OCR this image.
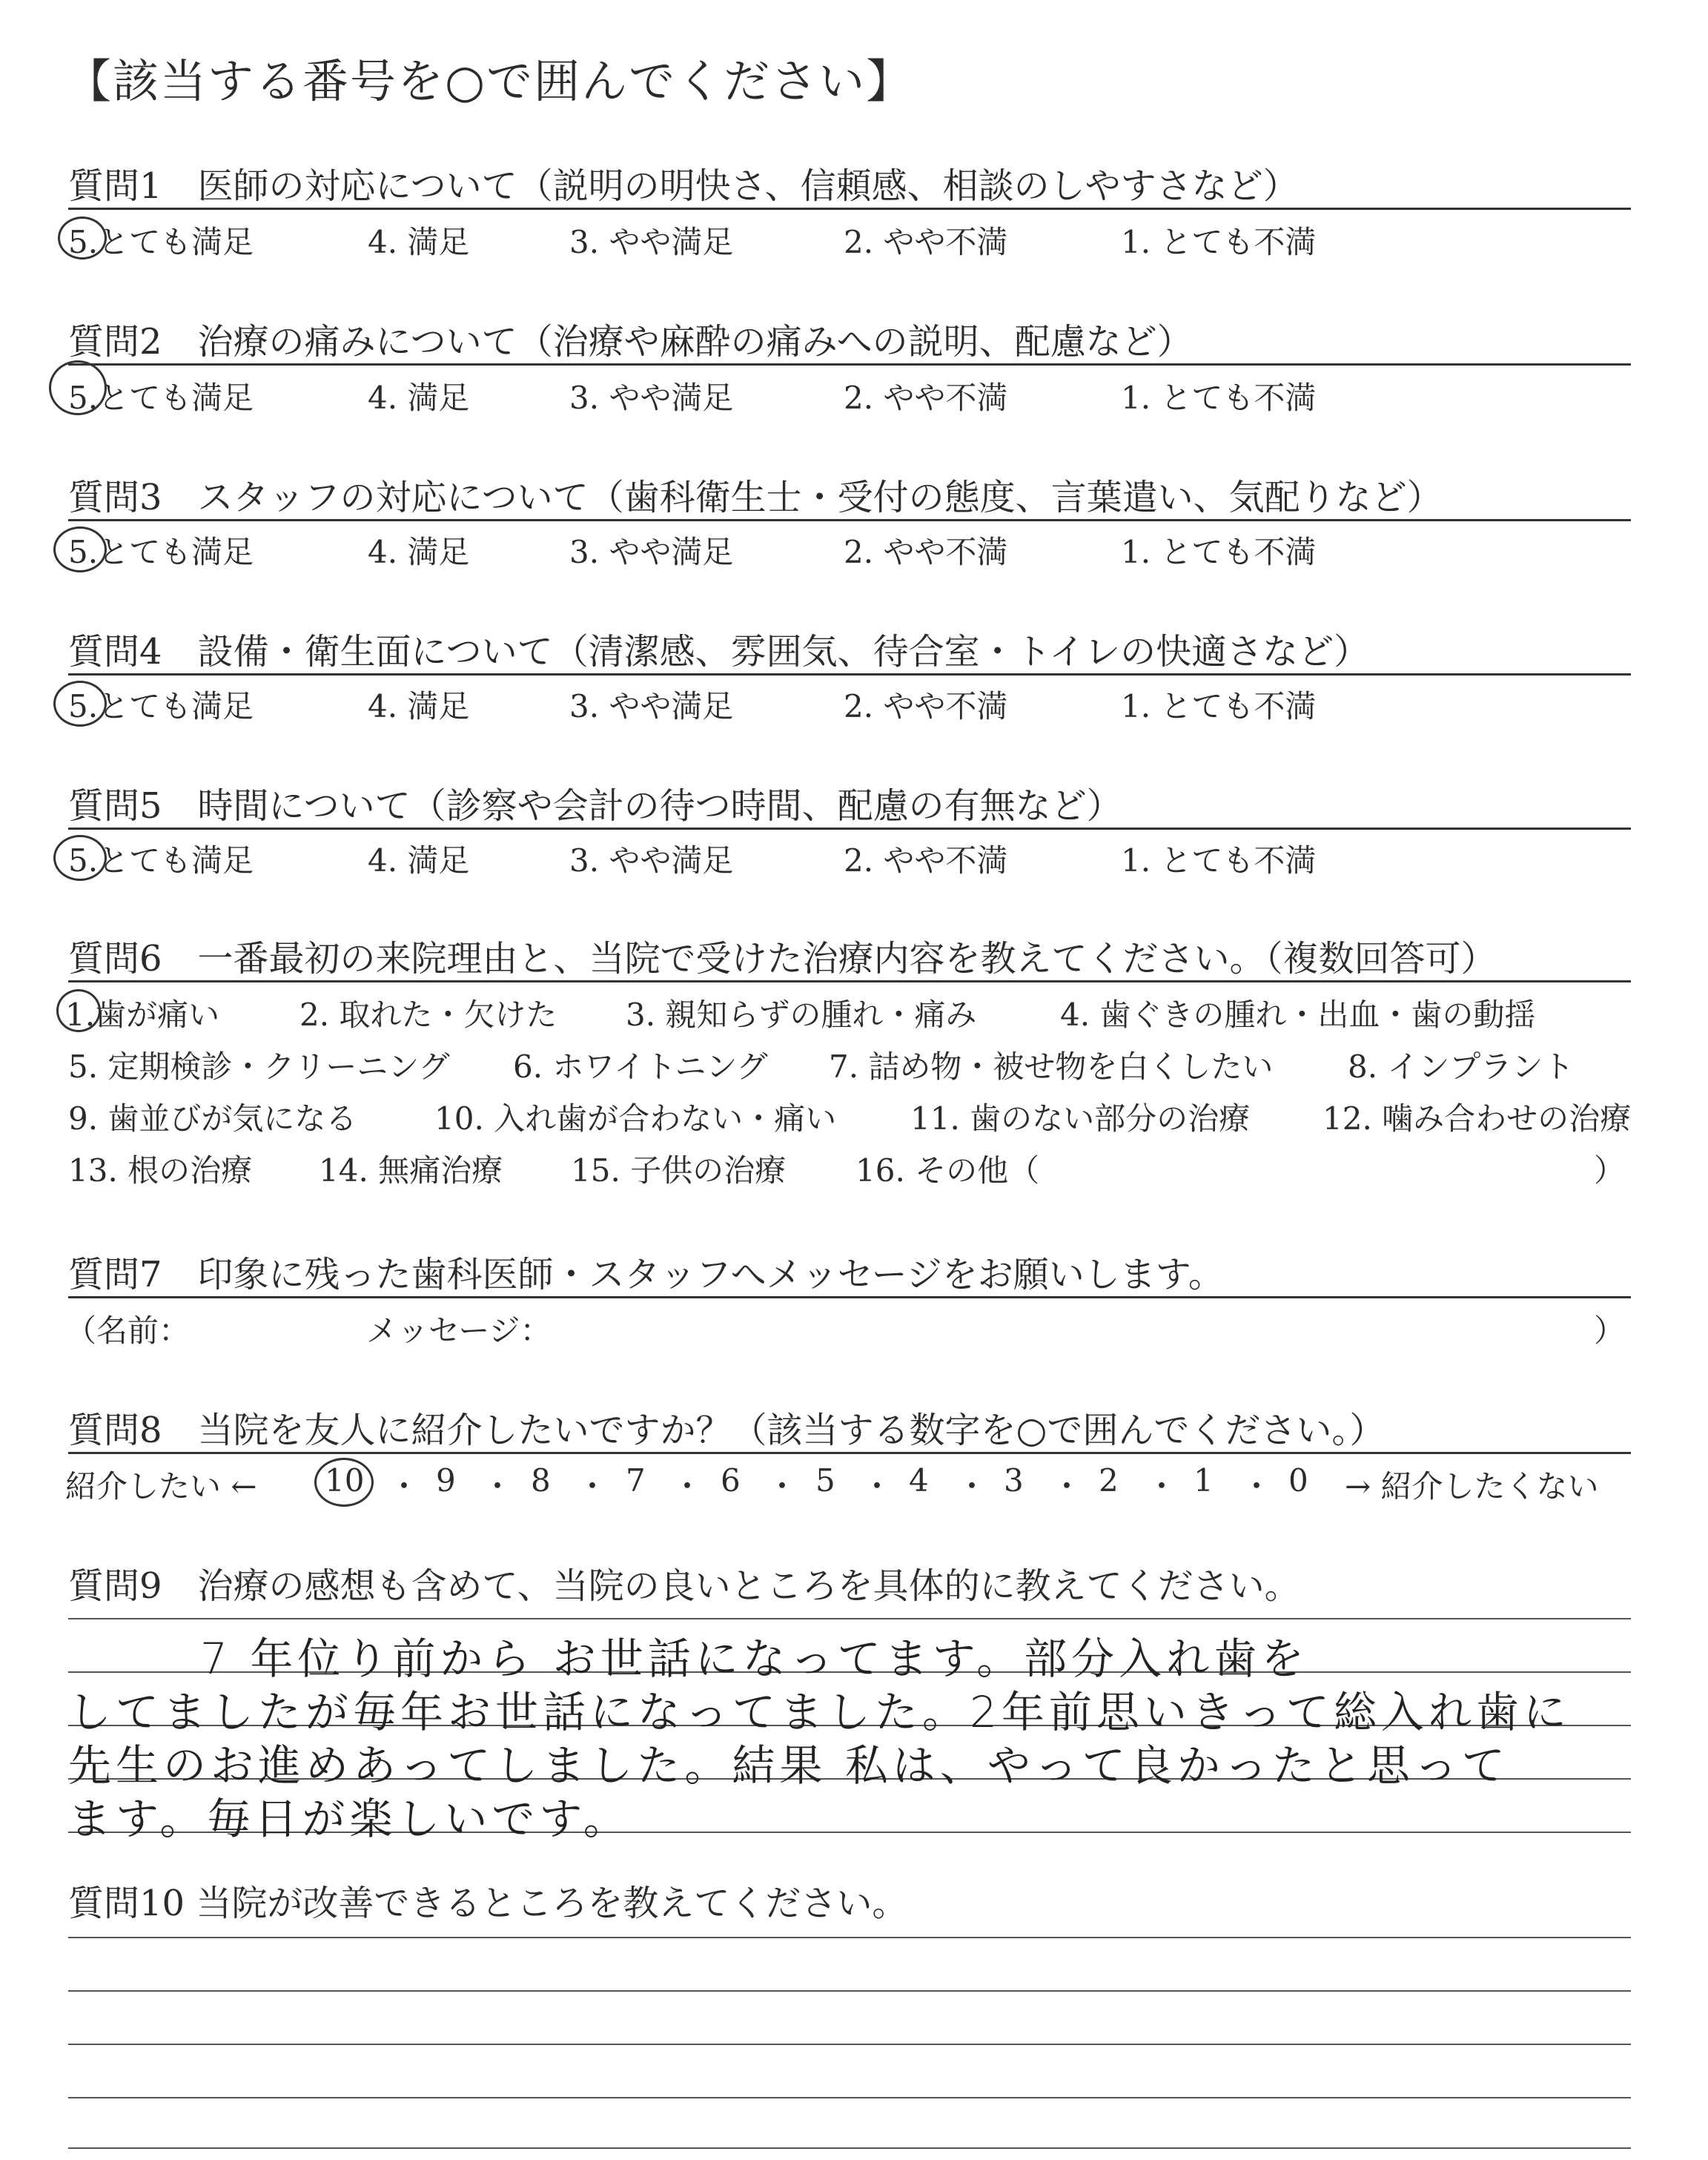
【該当する番号を○で囲んでください】
質問1　医師の対応について（説明の明快さ、信頼感、相談のしやすさなど）
5.とても満足	4. 満足	3. やや満足	2. やや不満	1. とても不満
質問2　治療の痛みについて（治療や麻酔の痛みへの説明、配慮など）
5.とても満足	4. 満足	3. やや満足	2. やや不満	1. とても不満
質問3　スタッフの対応について（歯科衛生士・受付の態度、言葉遣い、気配りなど）
5.とても満足	4. 満足	3. やや満足	2. やや不満	1. とても不満
質問4　設備・衛生面について（清潔感、雰囲気、待合室・トイレの快適さなど）
5.とても満足	4. 満足	3. やや満足	2. やや不満	1. とても不満
質問5　時間について（診察や会計の待つ時間、配慮の有無など）
5.とても満足	4. 満足	3. やや満足	2. やや不満	1. とても不満
質問6　一番最初の来院理由と、当院で受けた治療内容を教えてください。（複数回答可）
1.歯が痛い	2. 取れた・欠けた 3. 親知らずの腫れ・痛み	4. 歯ぐきの腫れ・出血・歯の動揺
5. 定期検診・クリーニング 6. ホワイトニング 7. 詰め物・被せ物を白くしたい 8. インプラント
9. 歯並びが気になる 10. 入れ歯が合わない・痛い 11. 歯のない部分の治療 12. 噛み合わせの治療
13. 根の治療 14. 無痛治療 15. 子供の治療 16. その他（	）
質問7　印象に残った歯科医師・スタッフへメッセージをお願いします。
（名前：	メッセージ：	）
質問8　当院を友人に紹介したいですか？（該当する数字を○で囲んでください。）
紹介したい ← 10 ・ 9 ・ 8 ・ 7 ・ 6 ・ 5 ・ 4 ・ 3 ・ 2 ・ 1 ・ 0 → 紹介したくない
質問9　治療の感想も含めて、当院の良いところを具体的に教えてください。
7 年位り前から お世話になってます。部分入れ歯を
してましたが毎年お世話になってました。2年前思いきって総入れ歯に
先生のお進めあってしました。結果 私は、やって良かったと思って
ます。毎日が楽しいです。
質問10 当院が改善できるところを教えてください。
